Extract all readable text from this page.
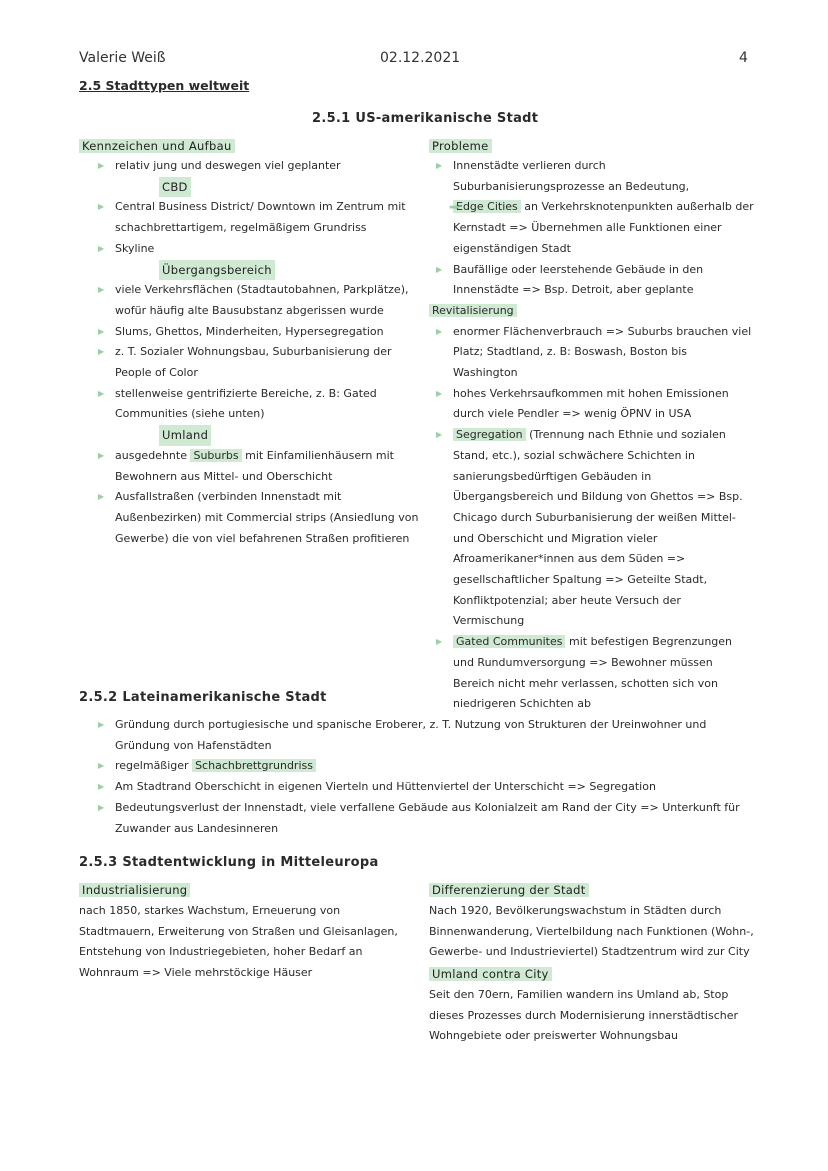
Valerie Weiß	02.12.2021	4
2.5 Stadttypen weltweit
2.5.1 US-amerikanische Stadt
Kennzeichen und Aufbau
▶ relativ jung und deswegen viel geplanter
CBD
▶ Central Business District/ Downtown im Zentrum mit schachbrettartigem, regelmäßigem Grundriss
▶ Skyline
Übergangsbereich
▶ viele Verkehrsflächen (Stadtautobahnen, Parkplätze), wofür häufig alte Bausubstanz abgerissen wurde
▶ Slums, Ghettos, Minderheiten, Hypersegregation
▶ z. T. Sozialer Wohnungsbau, Suburbanisierung der People of Color
▶ stellenweise gentrifizierte Bereiche, z. B: Gated Communities (siehe unten)
Umland
▶ ausgedehnte Suburbs mit Einfamilienhäusern mit Bewohnern aus Mittel- und Oberschicht
▶ Ausfallstraßen (verbinden Innenstadt mit Außenbezirken) mit Commercial strips (Ansiedlung von Gewerbe) die von viel befahrenen Straßen profitieren
Probleme
▶ Innenstädte verlieren durch Suburbanisierungsprozesse an Bedeutung,
➡
Edge Cities an Verkehrsknotenpunkten außerhalb der Kernstadt => Übernehmen alle Funktionen einer eigenständigen Stadt
▶ Baufällige oder leerstehende Gebäude in den Innenstädte => Bsp. Detroit, aber geplante
Revitalisierung
▶ enormer Flächenverbrauch => Suburbs brauchen viel Platz; Stadtland, z. B: Boswash, Boston bis Washington
▶ hohes Verkehrsaufkommen mit hohen Emissionen durch viele Pendler => wenig ÖPNV in USA
▶ Segregation (Trennung nach Ethnie und sozialen Stand, etc.), sozial schwächere Schichten in sanierungsbedürftigen Gebäuden in Übergangsbereich und Bildung von Ghettos => Bsp. Chicago durch Suburbanisierung der weißen Mittel- und Oberschicht und Migration vieler Afroamerikaner*innen aus dem Süden => gesellschaftlicher Spaltung => Geteilte Stadt, Konfliktpotenzial; aber heute Versuch der Vermischung
▶ Gated Communites mit befestigen Begrenzungen und Rundumversorgung => Bewohner müssen Bereich nicht mehr verlassen, schotten sich von niedrigeren Schichten ab
2.5.2 Lateinamerikanische Stadt
▶ Gründung durch portugiesische und spanische Eroberer, z. T. Nutzung von Strukturen der Ureinwohner und Gründung von Hafenstädten
▶ regelmäßiger Schachbrettgrundriss
▶ Am Stadtrand Oberschicht in eigenen Vierteln und Hüttenviertel der Unterschicht => Segregation
▶ Bedeutungsverlust der Innenstadt, viele verfallene Gebäude aus Kolonialzeit am Rand der City => Unterkunft für Zuwander aus Landesinneren
2.5.3 Stadtentwicklung in Mitteleuropa
Industrialisierung
nach 1850, starkes Wachstum, Erneuerung von Stadtmauern, Erweiterung von Straßen und Gleisanlagen, Entstehung von Industriegebieten, hoher Bedarf an Wohnraum => Viele mehrstöckige Häuser
Differenzierung der Stadt
Nach 1920, Bevölkerungswachstum in Städten durch Binnenwanderung, Viertelbildung nach Funktionen (Wohn-, Gewerbe- und Industrieviertel) Stadtzentrum wird zur City
Umland contra City
Seit den 70ern, Familien wandern ins Umland ab, Stop dieses Prozesses durch Modernisierung innerstädtischer Wohngebiete oder preiswerter Wohnungsbau
